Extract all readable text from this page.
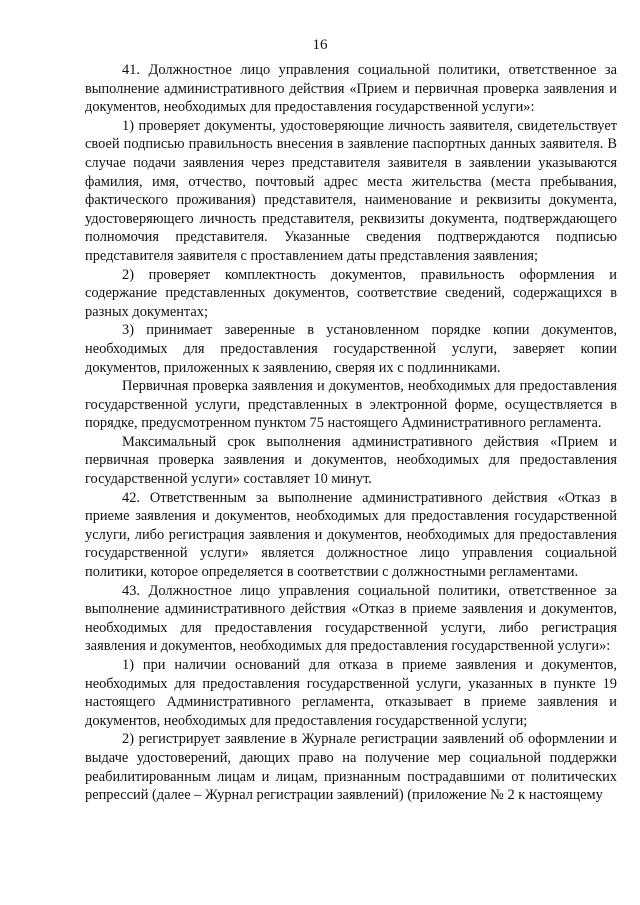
16

41. Должностное лицо управления социальной политики, ответственное за выполнение административного действия «Прием и первичная проверка заявления и документов, необходимых для предоставления государственной услуги»:

1) проверяет документы, удостоверяющие личность заявителя, свидетельствует своей подписью правильность внесения в заявление паспортных данных заявителя. В случае подачи заявления через представителя заявителя в заявлении указываются фамилия, имя, отчество, почтовый адрес места жительства (места пребывания, фактического проживания) представителя, наименование и реквизиты документа, удостоверяющего личность представителя, реквизиты документа, подтверждающего полномочия представителя. Указанные сведения подтверждаются подписью представителя заявителя с проставлением даты представления заявления;

2) проверяет комплектность документов, правильность оформления и содержание представленных документов, соответствие сведений, содержащихся в разных документах;

3) принимает заверенные в установленном порядке копии документов, необходимых для предоставления государственной услуги, заверяет копии документов, приложенных к заявлению, сверяя их с подлинниками.

Первичная проверка заявления и документов, необходимых для предоставления государственной услуги, представленных в электронной форме, осуществляется в порядке, предусмотренном пунктом 75 настоящего Административного регламента.

Максимальный срок выполнения административного действия «Прием и первичная проверка заявления и документов, необходимых для предоставления государственной услуги» составляет 10 минут.

42. Ответственным за выполнение административного действия «Отказ в приеме заявления и документов, необходимых для предоставления государственной услуги, либо регистрация заявления и документов, необходимых для предоставления государственной услуги» является должностное лицо управления социальной политики, которое определяется в соответствии с должностными регламентами.

43. Должностное лицо управления социальной политики, ответственное за выполнение административного действия «Отказ в приеме заявления и документов, необходимых для предоставления государственной услуги, либо регистрация заявления и документов, необходимых для предоставления государственной услуги»:

1) при наличии оснований для отказа в приеме заявления и документов, необходимых для предоставления государственной услуги, указанных в пункте 19 настоящего Административного регламента, отказывает в приеме заявления и документов, необходимых для предоставления государственной услуги;

2) регистрирует заявление в Журнале регистрации заявлений об оформлении и выдаче удостоверений, дающих право на получение мер социальной поддержки реабилитированным лицам и лицам, признанным пострадавшими от политических репрессий (далее – Журнал регистрации заявлений) (приложение № 2 к настоящему
